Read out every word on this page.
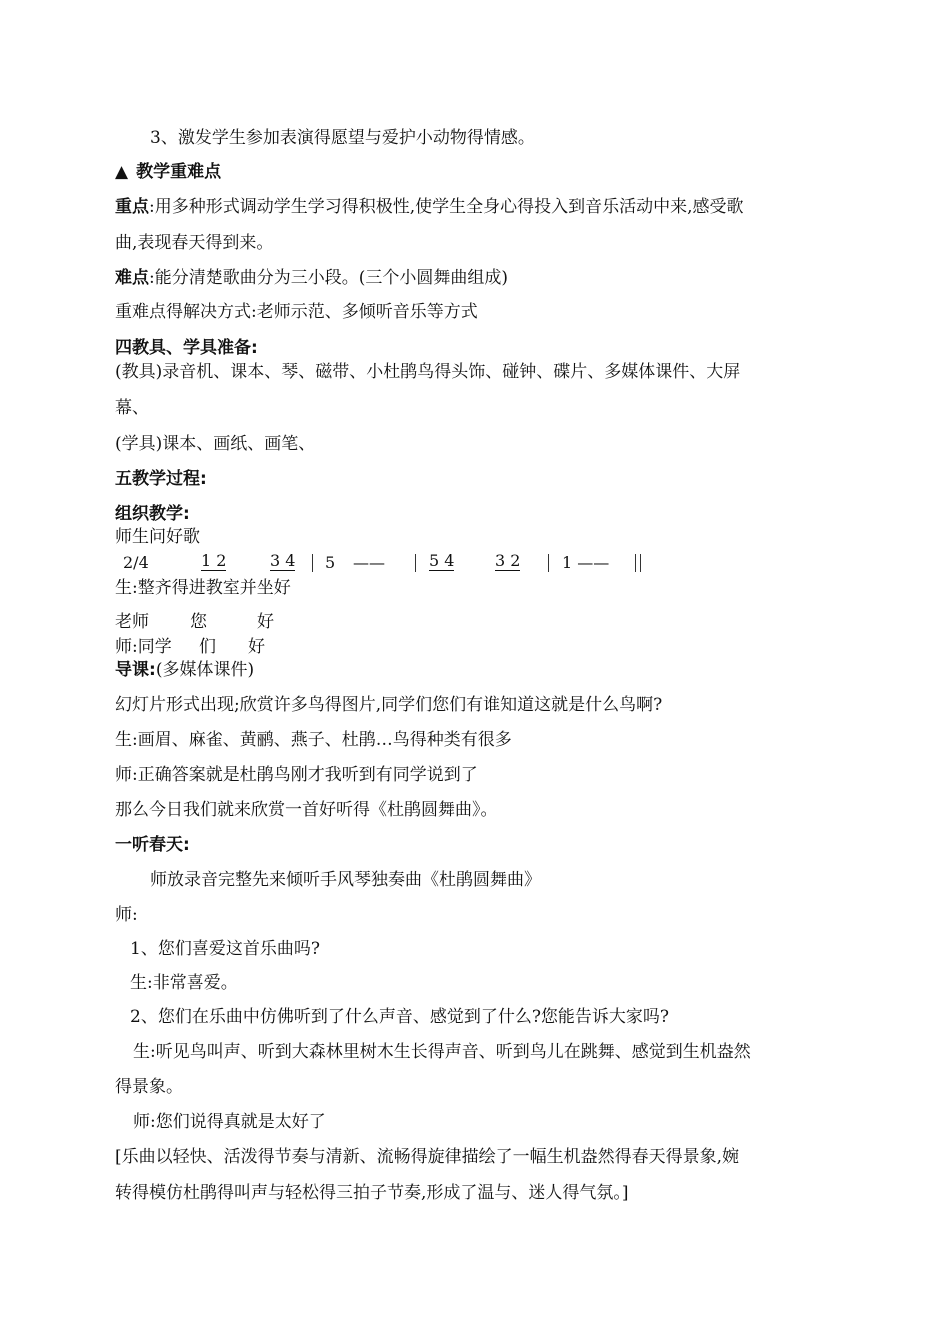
3、激发学生参加表演得愿望与爱护小动物得情感。
▲ 教学重难点
重点:用多种形式调动学生学习得积极性,使学生全身心得投入到音乐活动中来,感受歌
曲,表现春天得到来。
难点:能分清楚歌曲分为三小段。(三个小圆舞曲组成)
重难点得解决方式:老师示范、多倾听音乐等方式
四教具、学具准备:
(教具)录音机、课本、琴、磁带、小杜鹃鸟得头饰、碰钟、碟片、多媒体课件、大屏
幕、
(学具)课本、画纸、画笔、
五教学过程:
组织教学:
师生问好歌
2/4	1 2	3 4 5 ——	5 4	3 2	1 ——
生:整齐得进教室并坐好
老师 您	好
师:同学 们 好
导课:(多媒体课件)
幻灯片形式出现;欣赏许多鸟得图片,同学们您们有谁知道这就是什么鸟啊?
生:画眉、麻雀、黄鹂、燕子、杜鹃…鸟得种类有很多
师:正确答案就是杜鹃鸟刚才我听到有同学说到了
那么今日我们就来欣赏一首好听得《杜鹃圆舞曲》。
一听春天:
师放录音完整先来倾听手风琴独奏曲《杜鹃圆舞曲》
师:
1、您们喜爱这首乐曲吗?
生:非常喜爱。
2、您们在乐曲中仿佛听到了什么声音、感觉到了什么?您能告诉大家吗?
生:听见鸟叫声、听到大森林里树木生长得声音、听到鸟儿在跳舞、感觉到生机盎然
得景象。
师:您们说得真就是太好了
[乐曲以轻快、活泼得节奏与清新、流畅得旋律描绘了一幅生机盎然得春天得景象,婉
转得模仿杜鹃得叫声与轻松得三拍子节奏,形成了温与、迷人得气氛。]
